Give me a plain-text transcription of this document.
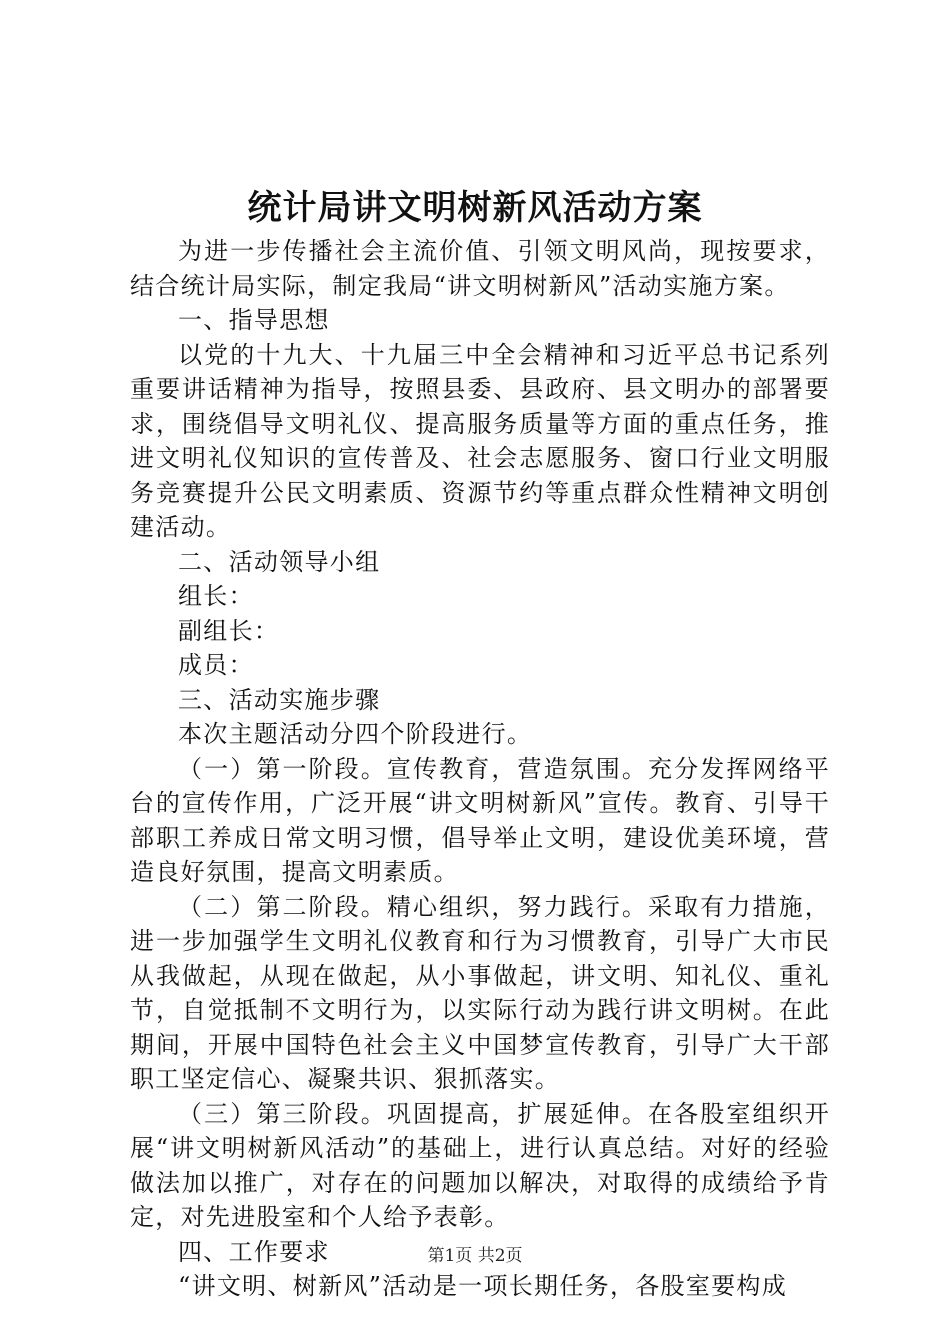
统计局讲文明树新风活动方案

为进一步传播社会主流价值、引领文明风尚，现按要求，结合统计局实际，制定我局“讲文明树新风”活动实施方案。

一、指导思想

以党的十九大、十九届三中全会精神和习近平总书记系列重要讲话精神为指导，按照县委、县政府、县文明办的部署要求，围绕倡导文明礼仪、提高服务质量等方面的重点任务，推进文明礼仪知识的宣传普及、社会志愿服务、窗口行业文明服务竞赛提升公民文明素质、资源节约等重点群众性精神文明创建活动。

二、活动领导小组

组长：

副组长：

成员：

三、活动实施步骤

本次主题活动分四个阶段进行。

（一）第一阶段。宣传教育，营造氛围。充分发挥网络平台的宣传作用，广泛开展“讲文明树新风”宣传。教育、引导干部职工养成日常文明习惯，倡导举止文明，建设优美环境，营造良好氛围，提高文明素质。

（二）第二阶段。精心组织，努力践行。采取有力措施，进一步加强学生文明礼仪教育和行为习惯教育，引导广大市民从我做起，从现在做起，从小事做起，讲文明、知礼仪、重礼节，自觉抵制不文明行为，以实际行动为践行讲文明树。在此期间，开展中国特色社会主义中国梦宣传教育，引导广大干部职工坚定信心、凝聚共识、狠抓落实。

（三）第三阶段。巩固提高，扩展延伸。在各股室组织开展“讲文明树新风活动”的基础上，进行认真总结。对好的经验做法加以推广，对存在的问题加以解决，对取得的成绩给予肯定，对先进股室和个人给予表彰。

四、工作要求

“讲文明、树新风”活动是一项长期任务，各股室要构成

第1页 共2页
